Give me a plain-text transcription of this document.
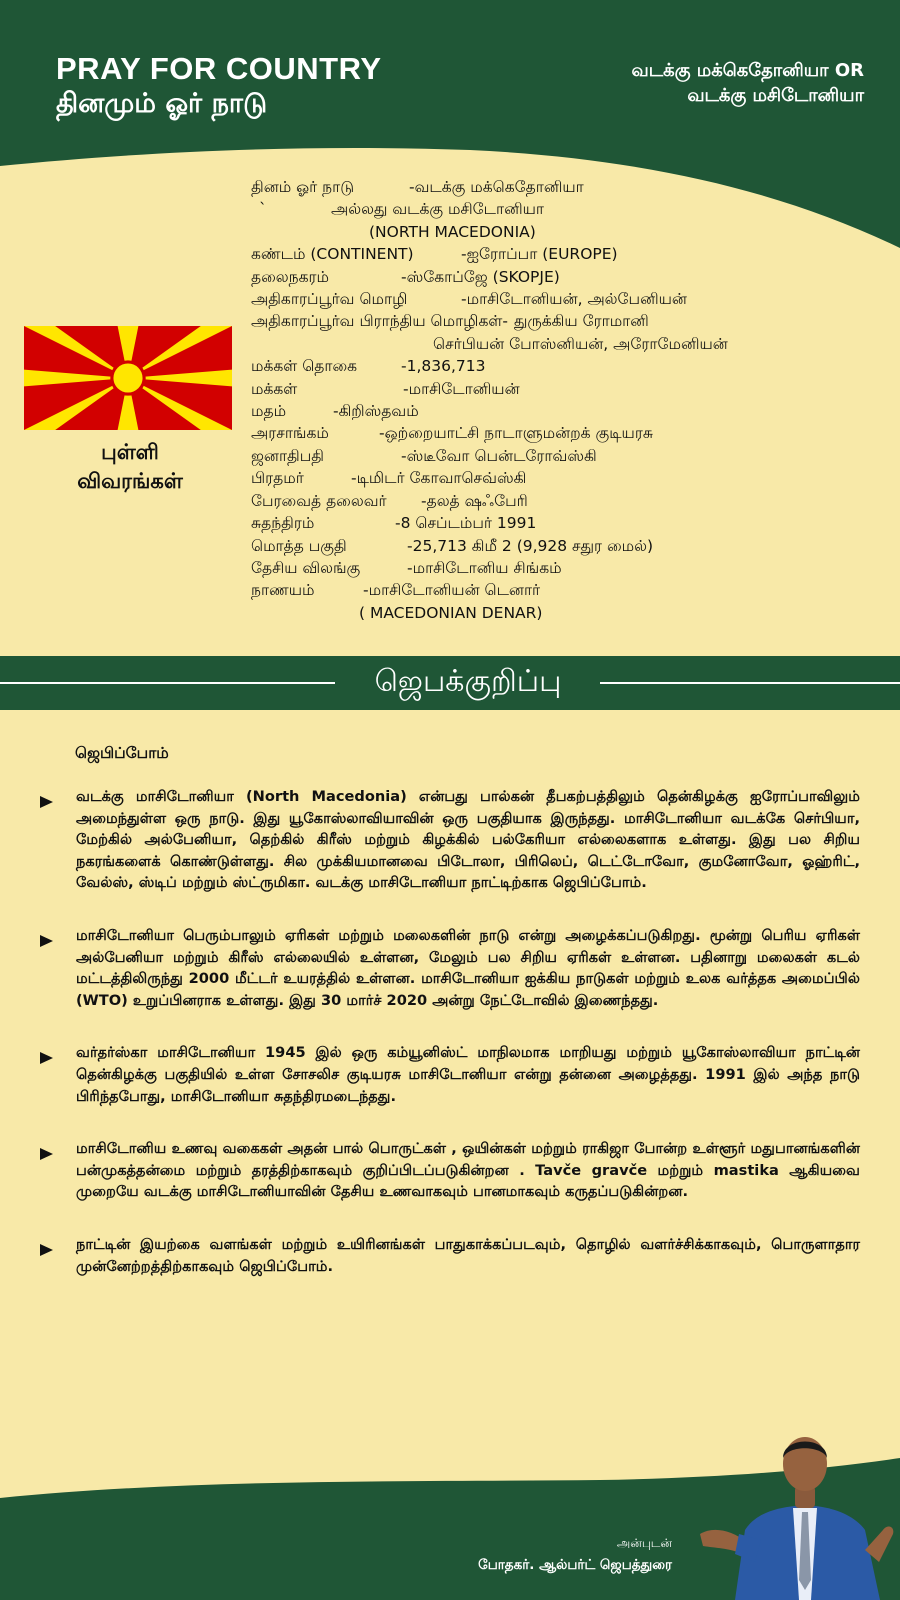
PRAY FOR COUNTRY
தினமும் ஓர் நாடு
வடக்கு மக்கெதோனியா OR
வடக்கு மசிடோனியா
புள்ளி
விவரங்கள்
தினம் ஓர் நாடு	-வடக்கு மக்கெதோனியா
`	அல்லது வடக்கு மசிடோனியா
(NORTH MACEDONIA)
கண்டம் (CONTINENT)	-ஐரோப்பா (EUROPE)
தலைநகரம்	-ஸ்கோப்ஜே (SKOPJE)
அதிகாரப்பூர்வ மொழி	-மாசிடோனியன், அல்பேனியன்
அதிகாரப்பூர்வ பிராந்திய மொழிகள்- துருக்கிய ரோமானி
செர்பியன் போஸ்னியன், அரோமேனியன்
மக்கள் தொகை	-1,836,713
மக்கள்	-மாசிடோனியன்
மதம்	-கிறிஸ்தவம்
அரசாங்கம்	-ஒற்றையாட்சி நாடாளுமன்றக் குடியரசு
ஜனாதிபதி	-ஸ்டீவோ பென்டரோவ்ஸ்கி
பிரதமர்	-டிமிடர் கோவாசெவ்ஸ்கி
பேரவைத் தலைவர் -தலத் ஷஃபேரி
சுதந்திரம்	-8 செப்டம்பர் 1991
மொத்த பகுதி	-25,713 கிமீ 2 (9,928 சதுர மைல்)
தேசிய விலங்கு	-மாசிடோனிய சிங்கம்
நாணயம்	-மாசிடோனியன் டெனார்
( MACEDONIAN DENAR)
ஜெபக்குறிப்பு
ஜெபிப்போம்
வடக்கு மாசிடோனியா (North Macedonia) என்பது பால்கன் தீபகற்பத்திலும் தென்கிழக்கு ஐரோப்பாவிலும் அமைந்துள்ள ஒரு நாடு. இது யூகோஸ்லாவியாவின் ஒரு பகுதியாக இருந்தது. மாசிடோனியா வடக்கே செர்பியா, மேற்கில் அல்பேனியா, தெற்கில் கிரீஸ் மற்றும் கிழக்கில் பல்கேரியா எல்லைகளாக உள்ளது. இது பல சிறிய நகரங்களைக் கொண்டுள்ளது. சில முக்கியமானவை பிடோலா, பிரிலெப், டெட்டோவோ, குமனோவோ, ஓஹ்ரிட், வேல்ஸ், ஸ்டிப் மற்றும் ஸ்ட்ருமிகா. வடக்கு மாசிடோனியா நாட்டிற்காக ஜெபிப்போம்.
மாசிடோனியா பெரும்பாலும் ஏரிகள் மற்றும் மலைகளின் நாடு என்று அழைக்கப்படுகிறது. மூன்று பெரிய ஏரிகள் அல்பேனியா மற்றும் கிரீஸ் எல்லையில் உள்ளன, மேலும் பல சிறிய ஏரிகள் உள்ளன. பதினாறு மலைகள் கடல் மட்டத்திலிருந்து 2000 மீட்டர் உயரத்தில் உள்ளன. மாசிடோனியா ஐக்கிய நாடுகள் மற்றும் உலக வர்த்தக அமைப்பில் (WTO) உறுப்பினராக உள்ளது. இது 30 மார்ச் 2020 அன்று நேட்டோவில் இணைந்தது.
வர்தர்ஸ்கா மாசிடோனியா 1945 இல் ஒரு கம்யூனிஸ்ட் மாநிலமாக மாறியது மற்றும் யூகோஸ்லாவியா நாட்டின் தென்கிழக்கு பகுதியில் உள்ள சோசலிச குடியரசு மாசிடோனியா என்று தன்னை அழைத்தது. 1991 இல் அந்த நாடு பிரிந்தபோது, மாசிடோனியா சுதந்திரமடைந்தது.
மாசிடோனிய உணவு வகைகள் அதன் பால் பொருட்கள் , ஒயின்கள் மற்றும் ராகிஜா போன்ற உள்ளூர் மதுபானங்களின் பன்முகத்தன்மை மற்றும் தரத்திற்காகவும் குறிப்பிடப்படுகின்றன . Tavče gravče மற்றும் mastika ஆகியவை முறையே வடக்கு மாசிடோனியாவின் தேசிய உணவாகவும் பானமாகவும் கருதப்படுகின்றன.
நாட்டின் இயற்கை வளங்கள் மற்றும் உயிரினங்கள் பாதுகாக்கப்படவும், தொழில் வளர்ச்சிக்காகவும், பொருளாதார முன்னேற்றத்திற்காகவும் ஜெபிப்போம்.
அன்புடன்
போதகர். ஆல்பர்ட் ஜெபத்துரை
